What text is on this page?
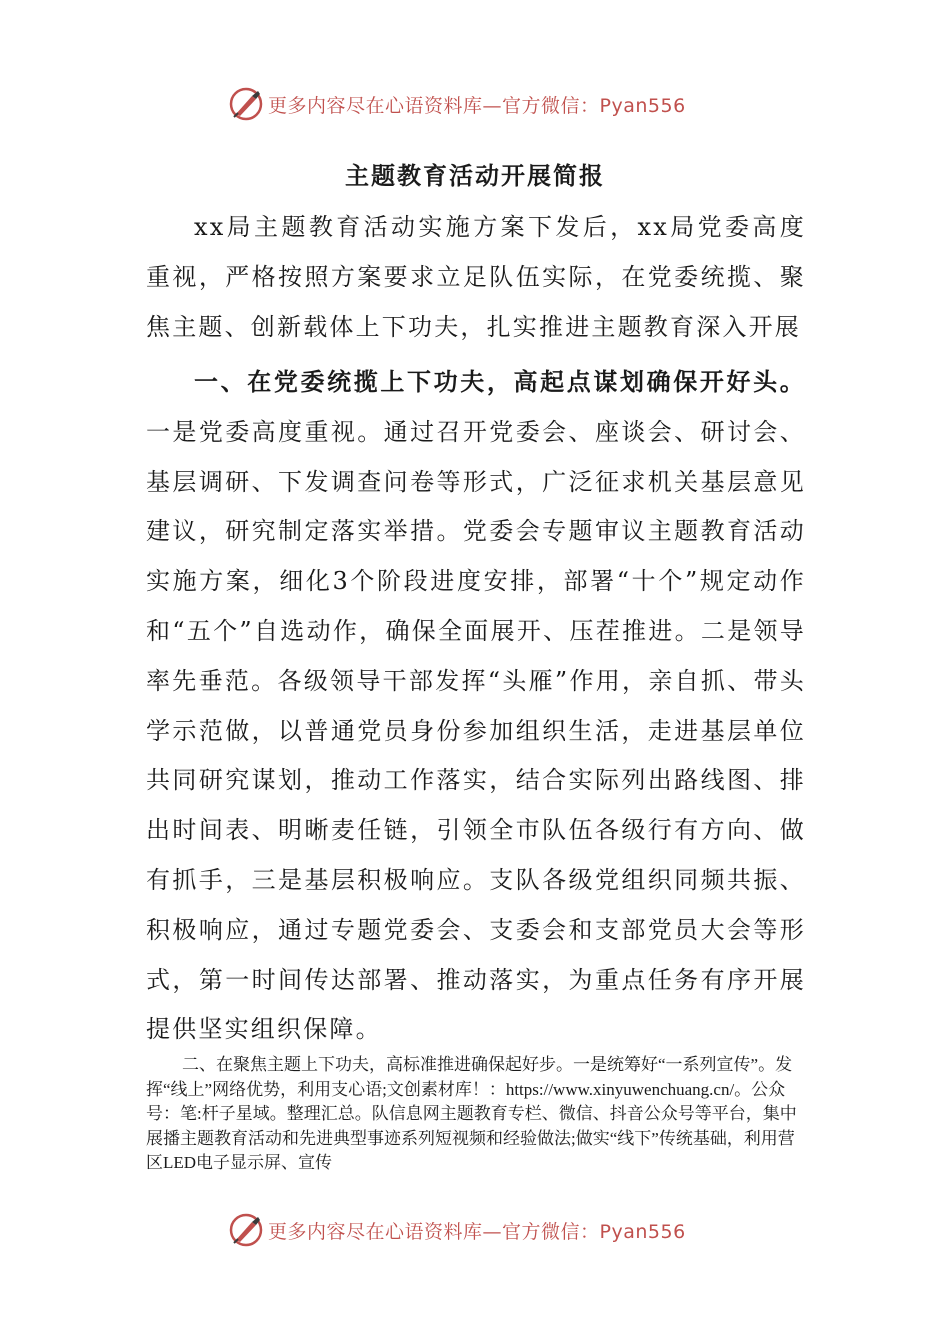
更多内容尽在心语资料库—官方微信：Pyan556
主题教育活动开展简报
xx局主题教育活动实施方案下发后，xx局党委高度重视，严格按照方案要求立足队伍实际，在党委统揽、聚焦主题、创新载体上下功夫，扎实推进主题教育深入开展
一、在党委统揽上下功夫，高起点谋划确保开好头。一是党委高度重视。通过召开党委会、座谈会、研讨会、基层调研、下发调查问卷等形式，广泛征求机关基层意见建议，研究制定落实举措。党委会专题审议主题教育活动实施方案，细化3个阶段进度安排，部署“十个”规定动作和“五个”自选动作，确保全面展开、压茬推进。二是领导率先垂范。各级领导干部发挥“头雁”作用，亲自抓、带头学示范做，以普通党员身份参加组织生活，走进基层单位共同研究谋划，推动工作落实，结合实际列出路线图、排出时间表、明晰麦任链，引领全市队伍各级行有方向、做有抓手，三是基层积极响应。支队各级党组织同频共振、积极响应，通过专题党委会、支委会和支部党员大会等形式，第一时间传达部署、推动落实，为重点任务有序开展提供坚实组织保障。
二、在聚焦主题上下功夫，高标准推进确保起好步。一是统筹好“一系列宣传”。发挥“线上”网络优势，利用支心语;文创素材库！：https://www.xinyuwenchuang.cn/。公众号：笔:杆子星域。整理汇总。队信息网主题教育专栏、微信、抖音公众号等平台，集中展播主题教育活动和先进典型事迹系列短视频和经验做法;做实“线下”传统基础，利用营区LED电子显示屏、宣传
更多内容尽在心语资料库—官方微信：Pyan556
